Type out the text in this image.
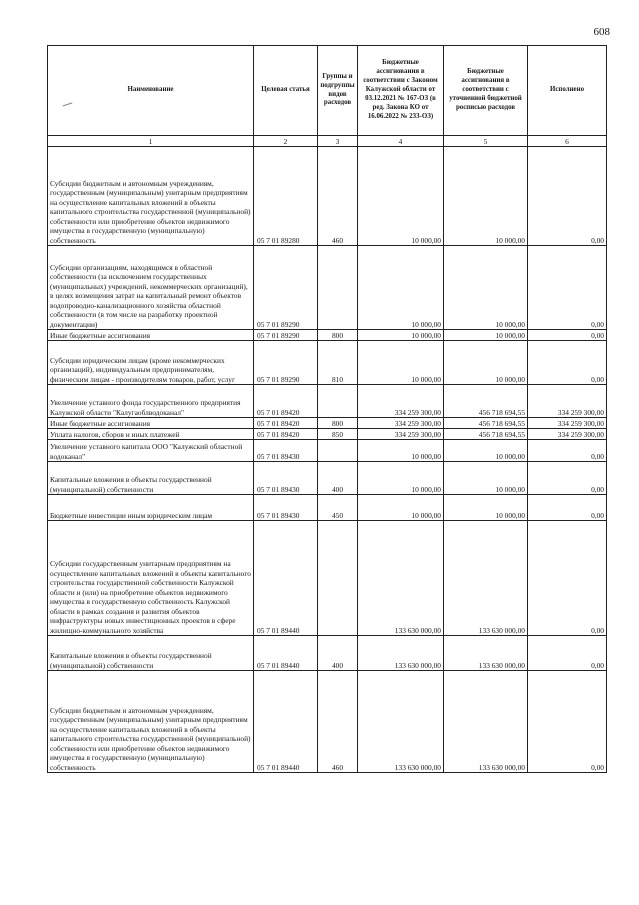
608
Наименование	Целевая статья	Группы и подгруппы видов расходов	Бюджетные ассигнования в соответствии с Законом Калужской области от 03.12.2021 № 167-ОЗ (в ред. Закона КО от 16.06.2022 № 233-ОЗ)	Бюджетные ассигнования в соответствии с уточненной бюджетной росписью расходов	Исполнено
1	2	3	4	5	6
Субсидии бюджетным и автономным учреждениям, государственным (муниципальным) унитарным предприятиям на осуществление капитальных вложений в объекты капитального строительства государственной (муниципальной) собственности или приобретение объектов недвижимого имущества в государственную (муниципальную) собственность	05 7 01 89280	460	10 000,00	10 000,00	0,00
Субсидии организациям, находящимся в областной собственности (за исключением государственных (муниципальных) учреждений, некоммерческих организаций), в целях возмещения затрат на капитальный ремонт объектов водопроводно-канализационного хозяйства областной собственности (в том числе на разработку проектной документации)	05 7 01 89290		10 000,00	10 000,00	0,00
Иные бюджетные ассигнования	05 7 01 89290	800	10 000,00	10 000,00	0,00
Субсидии юридическим лицам (кроме некоммерческих организаций), индивидуальным предпринимателям, физическим лицам - производителям товаров, работ, услуг	05 7 01 89290	810	10 000,00	10 000,00	0,00
Увеличение уставного фонда государственного предприятия Калужской области "Калугаоблводоканал"	05 7 01 89420		334 259 300,00	456 718 694,55	334 259 300,00
Иные бюджетные ассигнования	05 7 01 89420	800	334 259 300,00	456 718 694,55	334 259 300,00
Уплата налогов, сборов и иных платежей	05 7 01 89420	850	334 259 300,00	456 718 694,55	334 259 300,00
Увеличение уставного капитала ООО "Калужский областной водоканал"	05 7 01 89430		10 000,00	10 000,00	0,00
Капитальные вложения в объекты государственной (муниципальной) собственности	05 7 01 89430	400	10 000,00	10 000,00	0,00
Бюджетные инвестиции иным юридическим лицам	05 7 01 89430	450	10 000,00	10 000,00	0,00
Субсидии государственным унитарным предприятиям на осуществление капитальных вложений в объекты капитального строительства государственной собственности Калужской области и (или) на приобретение объектов недвижимого имущества в государственную собственность Калужской области в рамках создания и развития объектов инфраструктуры новых инвестиционных проектов в сфере жилищно-коммунального хозяйства	05 7 01 89440		133 630 000,00	133 630 000,00	0,00
Капитальные вложения в объекты государственной (муниципальной) собственности	05 7 01 89440	400	133 630 000,00	133 630 000,00	0,00
Субсидии бюджетным и автономным учреждениям, государственным (муниципальным) унитарным предприятиям на осуществление капитальных вложений в объекты капитального строительства государственной (муниципальной) собственности или приобретение объектов недвижимого имущества в государственную (муниципальную) собственность	05 7 01 89440	460	133 630 000,00	133 630 000,00	0,00
